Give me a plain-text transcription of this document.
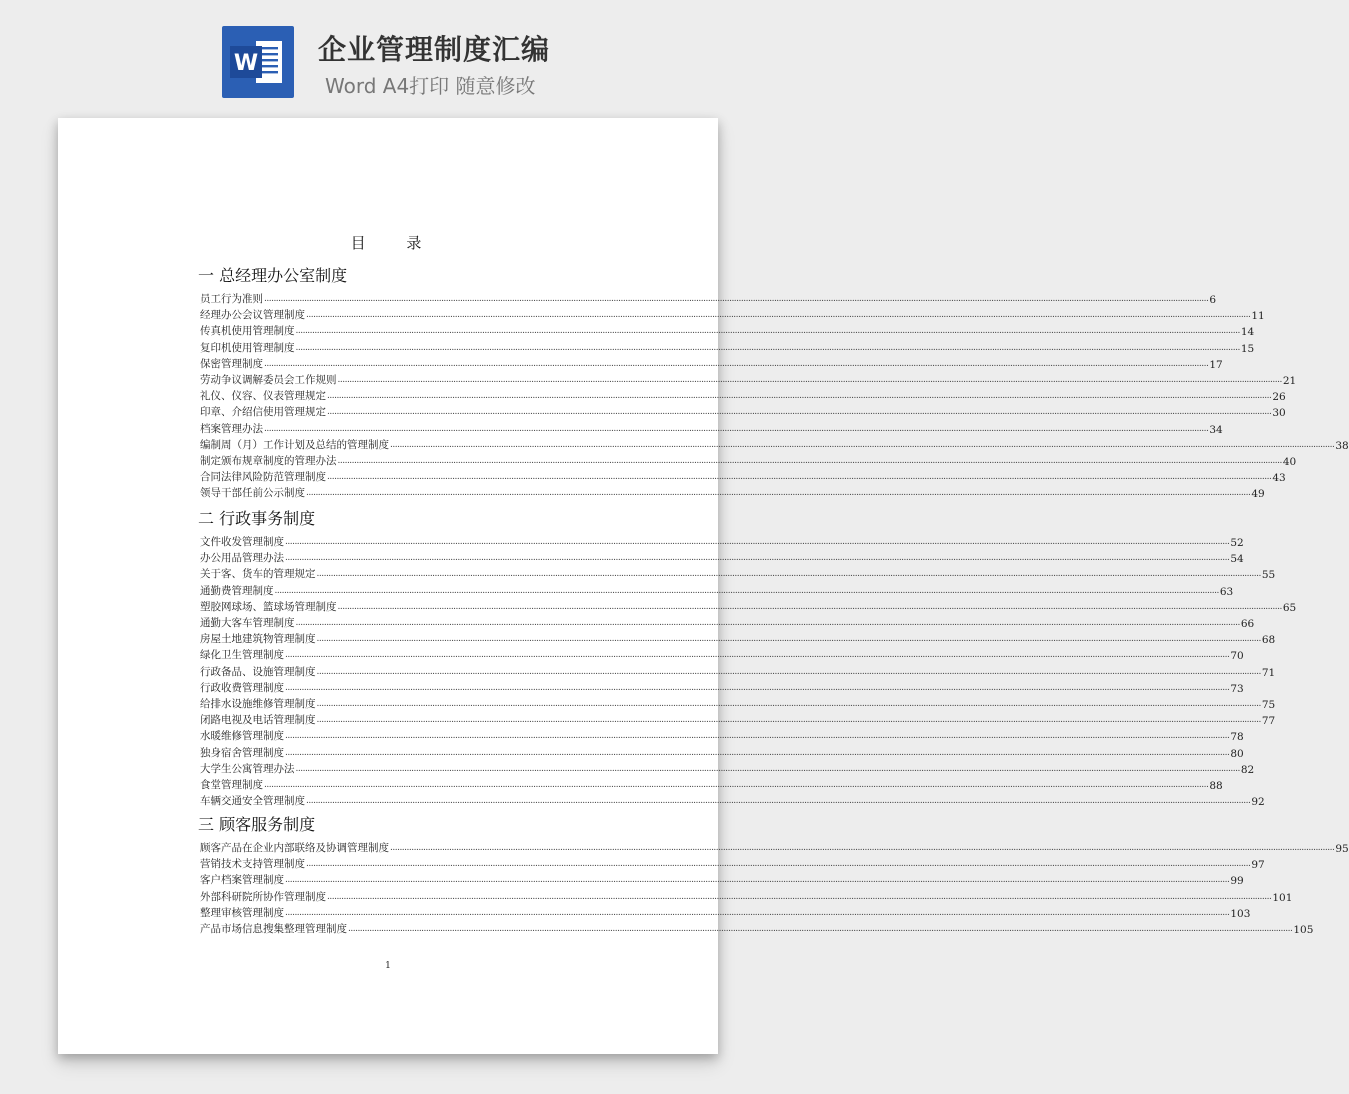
W 企业管理制度汇编
Word A4打印 随意修改
目 录
1
一 总经理办公室制度
员工行为准则 ................................................................................................................................................................................................................................................................................................................................................................................................................ 6
经理办公会议管理制度 ................................................................................................................................................................................................................................................................................................................................................................................................................ 11
传真机使用管理制度 ................................................................................................................................................................................................................................................................................................................................................................................................................ 14
复印机使用管理制度 ................................................................................................................................................................................................................................................................................................................................................................................................................ 15
保密管理制度 ................................................................................................................................................................................................................................................................................................................................................................................................................ 17
劳动争议调解委员会工作规则 ................................................................................................................................................................................................................................................................................................................................................................................................................ 21
礼仪、仪容、仪表管理规定 ................................................................................................................................................................................................................................................................................................................................................................................................................ 26
印章、介绍信使用管理规定 ................................................................................................................................................................................................................................................................................................................................................................................................................ 30
档案管理办法 ................................................................................................................................................................................................................................................................................................................................................................................................................ 34
编制周（月）工作计划及总结的管理制度 ................................................................................................................................................................................................................................................................................................................................................................................................................ 38
制定颁布规章制度的管理办法 ................................................................................................................................................................................................................................................................................................................................................................................................................ 40
合同法律风险防范管理制度 ................................................................................................................................................................................................................................................................................................................................................................................................................ 43
领导干部任前公示制度 ................................................................................................................................................................................................................................................................................................................................................................................................................ 49
二 行政事务制度
文件收发管理制度 ................................................................................................................................................................................................................................................................................................................................................................................................................ 52
办公用品管理办法 ................................................................................................................................................................................................................................................................................................................................................................................................................ 54
关于客、货车的管理规定 ................................................................................................................................................................................................................................................................................................................................................................................................................ 55
通勤费管理制度 ................................................................................................................................................................................................................................................................................................................................................................................................................ 63
塑胶网球场、篮球场管理制度 ................................................................................................................................................................................................................................................................................................................................................................................................................ 65
通勤大客车管理制度 ................................................................................................................................................................................................................................................................................................................................................................................................................ 66
房屋土地建筑物管理制度 ................................................................................................................................................................................................................................................................................................................................................................................................................ 68
绿化卫生管理制度 ................................................................................................................................................................................................................................................................................................................................................................................................................ 70
行政备品、设施管理制度 ................................................................................................................................................................................................................................................................................................................................................................................................................ 71
行政收费管理制度 ................................................................................................................................................................................................................................................................................................................................................................................................................ 73
给排水设施维修管理制度 ................................................................................................................................................................................................................................................................................................................................................................................................................ 75
闭路电视及电话管理制度 ................................................................................................................................................................................................................................................................................................................................................................................................................ 77
水暖维修管理制度 ................................................................................................................................................................................................................................................................................................................................................................................................................ 78
独身宿舍管理制度 ................................................................................................................................................................................................................................................................................................................................................................................................................ 80
大学生公寓管理办法 ................................................................................................................................................................................................................................................................................................................................................................................................................ 82
食堂管理制度 ................................................................................................................................................................................................................................................................................................................................................................................................................ 88
车辆交通安全管理制度 ................................................................................................................................................................................................................................................................................................................................................................................................................ 92
三 顾客服务制度
顾客产品在企业内部联络及协调管理制度 ................................................................................................................................................................................................................................................................................................................................................................................................................ 95
营销技术支持管理制度 ................................................................................................................................................................................................................................................................................................................................................................................................................ 97
客户档案管理制度 ................................................................................................................................................................................................................................................................................................................................................................................................................ 99
外部科研院所协作管理制度 ................................................................................................................................................................................................................................................................................................................................................................................................................ 101
整理审核管理制度 ................................................................................................................................................................................................................................................................................................................................................................................................................ 103
产品市场信息搜集整理管理制度 ................................................................................................................................................................................................................................................................................................................................................................................................................ 105
